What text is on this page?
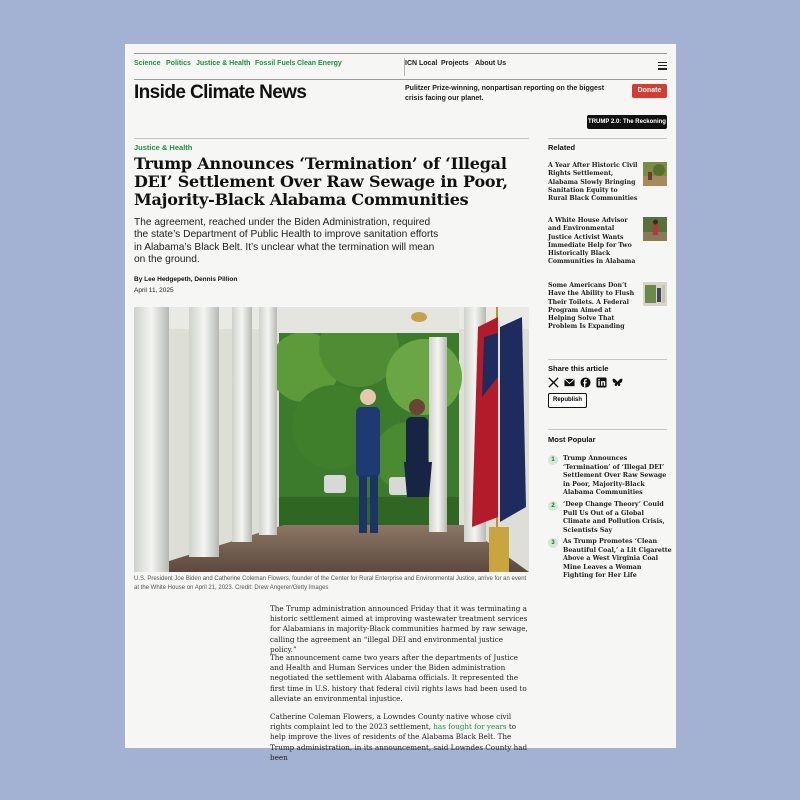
Science Politics Justice & Health Fossil Fuels Clean Energy	ICN Local Projects About Us
Inside Climate News	Pulitzer Prize-winning, nonpartisan reporting on the biggest crisis facing our planet.
Donate
TRUMP 2.0: The Reckoning
Justice & Health
Trump Announces ‘Termination’ of ‘Illegal DEI’ Settlement Over Raw Sewage in Poor, Majority-Black Alabama Communities

The agreement, reached under the Biden Administration, required the state’s Department of Public Health to improve sanitation efforts in Alabama’s Black Belt. It’s unclear what the termination will mean on the ground.

By Lee Hedgepeth, Dennis Pillion
April 11, 2025

U.S. President Joe Biden and Catherine Coleman Flowers, founder of the Center for Rural Enterprise and Environmental Justice, arrive for an event at the White House on April 21, 2023. Credit: Drew Angerer/Getty Images

The Trump administration announced Friday that it was terminating a historic settlement aimed at improving wastewater treatment services for Alabamians in majority-Black communities harmed by raw sewage, calling the agreement an “illegal DEI and environmental justice policy.”

The announcement came two years after the departments of Justice and Health and Human Services under the Biden administration negotiated the settlement with Alabama officials. It represented the first time in U.S. history that federal civil rights laws had been used to alleviate an environmental injustice.

Catherine Coleman Flowers, a Lowndes County native whose civil rights complaint led to the 2023 settlement, has fought for years to help improve the lives of residents of the Alabama Black Belt. The Trump administration, in its announcement, said Lowndes County had been

Related
A Year After Historic Civil Rights Settlement, Alabama Slowly Bringing Sanitation Equity to Rural Black Communities
A White House Advisor and Environmental Justice Activist Wants Immediate Help for Two Historically Black Communities in Alabama
Some Americans Don’t Have the Ability to Flush Their Toilets. A Federal Program Aimed at Helping Solve That Problem Is Expanding
Share this article
Republish
Most Popular
1	Trump Announces ‘Termination’ of ‘Illegal DEI’ Settlement Over Raw Sewage in Poor, Majority-Black Alabama Communities
2	‘Deep Change Theory’ Could Pull Us Out of a Global Climate and Pollution Crisis, Scientists Say
3	As Trump Promotes ‘Clean Beautiful Coal,’ a Lit Cigarette Above a West Virginia Coal Mine Leaves a Woman Fighting for Her Life
